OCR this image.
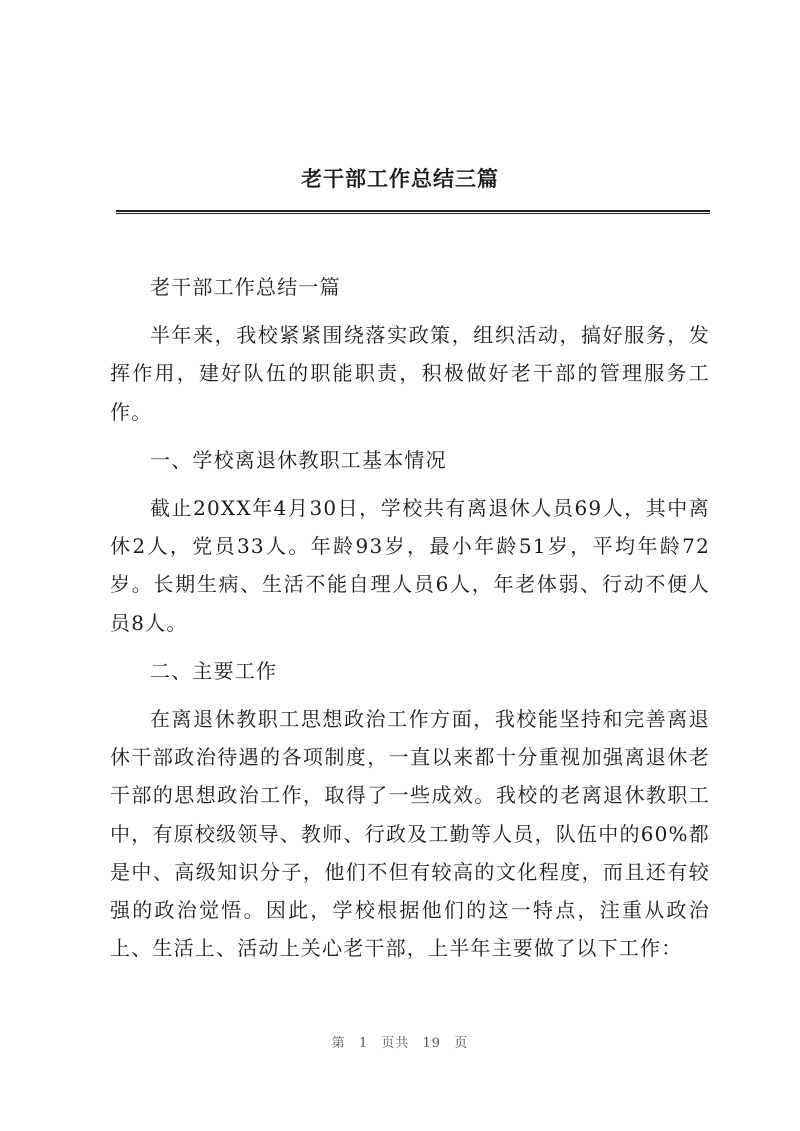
老干部工作总结三篇

老干部工作总结一篇

半年来，我校紧紧围绕落实政策，组织活动，搞好服务，发挥作用，建好队伍的职能职责，积极做好老干部的管理服务工作。

一、学校离退休教职工基本情况

截止20XX年4月30日，学校共有离退休人员69人，其中离休2人，党员33人。年龄93岁，最小年龄51岁，平均年龄72岁。长期生病、生活不能自理人员6人，年老体弱、行动不便人员8人。

二、主要工作

在离退休教职工思想政治工作方面，我校能坚持和完善离退休干部政治待遇的各项制度，一直以来都十分重视加强离退休老干部的思想政治工作，取得了一些成效。我校的老离退休教职工中，有原校级领导、教师、行政及工勤等人员，队伍中的60%都是中、高级知识分子，他们不但有较高的文化程度，而且还有较强的政治觉悟。因此，学校根据他们的这一特点，注重从政治上、生活上、活动上关心老干部，上半年主要做了以下工作：

第 1 页共 19 页
